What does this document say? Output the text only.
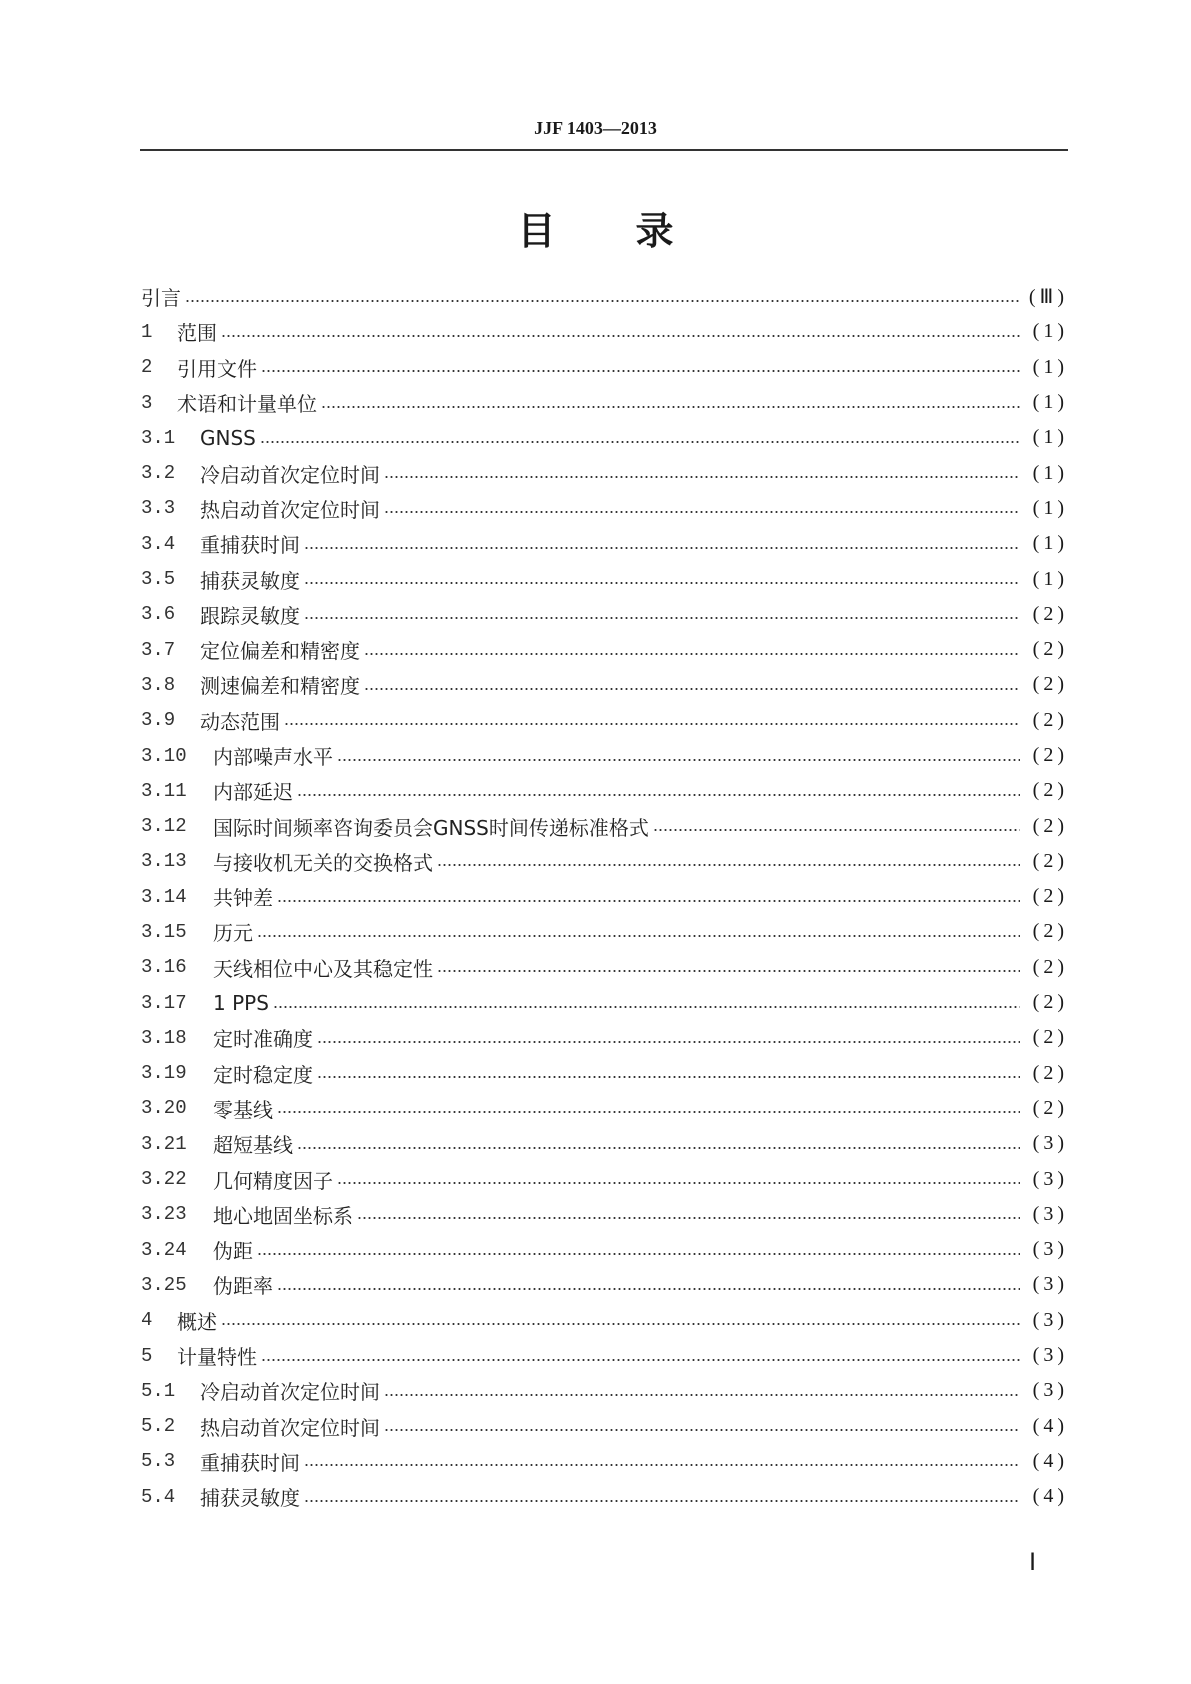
JJF 1403—2013
目 录
引言	(Ⅲ)
1	范围	(1)
2	引用文件	(1)
3	术语和计量单位	(1)
3.1	GNSS	(1)
3.2	冷启动首次定位时间	(1)
3.3	热启动首次定位时间	(1)
3.4	重捕获时间	(1)
3.5	捕获灵敏度	(1)
3.6	跟踪灵敏度	(2)
3.7	定位偏差和精密度	(2)
3.8	测速偏差和精密度	(2)
3.9	动态范围	(2)
3.10	内部噪声水平	(2)
3.11	内部延迟	(2)
3.12	国际时间频率咨询委员会GNSS时间传递标准格式	(2)
3.13	与接收机无关的交换格式	(2)
3.14	共钟差	(2)
3.15	历元	(2)
3.16	天线相位中心及其稳定性	(2)
3.17	1 PPS	(2)
3.18	定时准确度	(2)
3.19	定时稳定度	(2)
3.20	零基线	(2)
3.21	超短基线	(3)
3.22	几何精度因子	(3)
3.23	地心地固坐标系	(3)
3.24	伪距	(3)
3.25	伪距率	(3)
4	概述	(3)
5	计量特性	(3)
5.1	冷启动首次定位时间	(3)
5.2	热启动首次定位时间	(4)
5.3	重捕获时间	(4)
5.4	捕获灵敏度	(4)
Ⅰ
